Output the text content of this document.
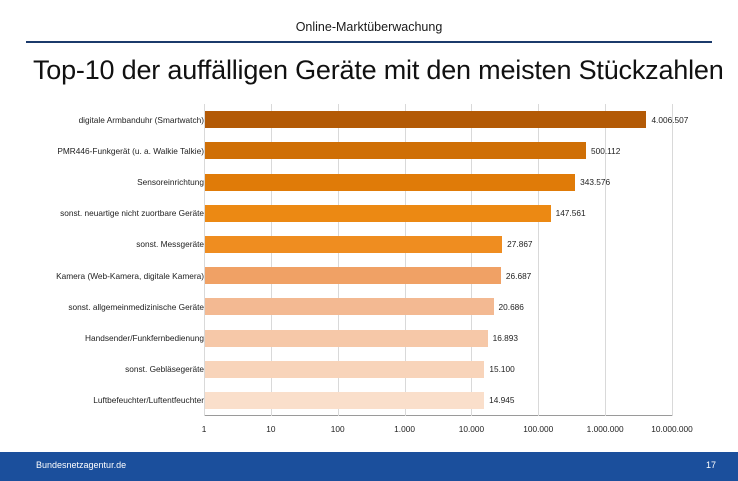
Online-Marktüberwachung
Top-10 der auffälligen Geräte mit den meisten Stückzahlen
digitale Armbanduhr (Smartwatch)
PMR446-Funkgerät (u. a. Walkie Talkie)
Sensoreinrichtung
sonst. neuartige nicht zuortbare Geräte
sonst. Messgeräte
Kamera (Web-Kamera, digitale Kamera)
sonst. allgemeinmedizinische Geräte
Handsender/Funkfernbedienung
sonst. Gebläsegeräte
Luftbefeuchter/Luftentfeuchter
4.006.507
500.112
343.576
147.561
27.867
26.687
20.686
16.893
15.100
14.945
1	10	100	1.000	10.000	100.000	1.000.000	10.000.000
Bundesnetzagentur.de	17
